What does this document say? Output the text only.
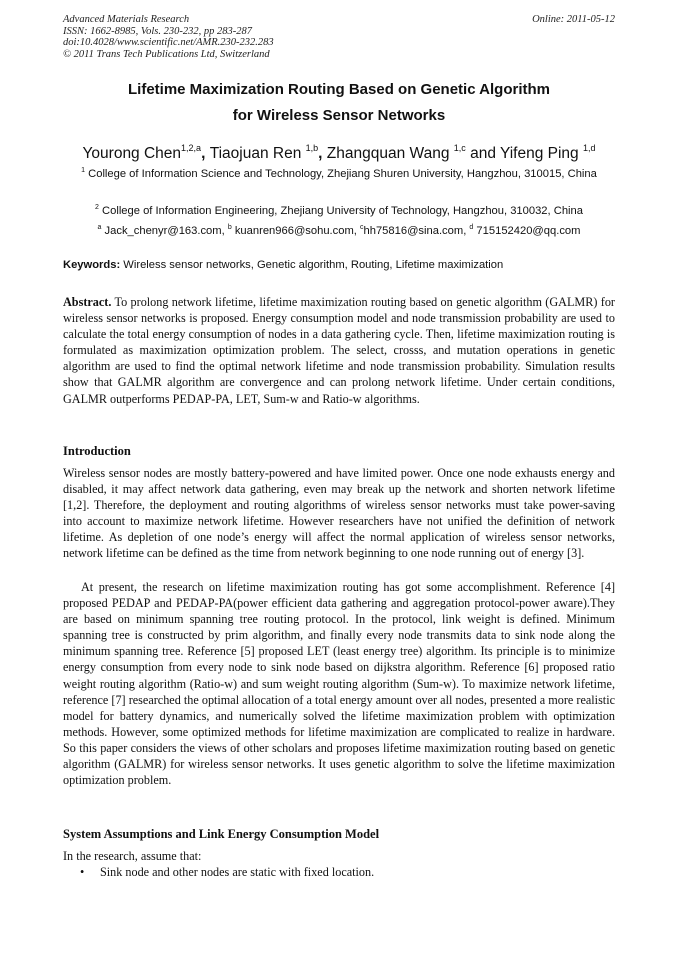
Advanced Materials Research
ISSN: 1662-8985, Vols. 230-232, pp 283-287
doi:10.4028/www.scientific.net/AMR.230-232.283
© 2011 Trans Tech Publications Ltd, Switzerland
Online: 2011-05-12
Lifetime Maximization Routing Based on Genetic Algorithm
for Wireless Sensor Networks
Yourong Chen$^{1,2,a}$, Tiaojuan Ren $^{1,b}$, Zhangquan Wang $^{1,c}$ and Yifeng Ping $^{1,d}$
$^1$ College of Information Science and Technology, Zhejiang Shuren University, Hangzhou, 310015, China
$^2$ College of Information Engineering, Zhejiang University of Technology, Hangzhou, 310032, China
$^a$ Jack_chenyr@163.com, $^b$ kuanren966@sohu.com, $^c$hh75816@sina.com, $^d$ 715152420@qq.com
Keywords: Wireless sensor networks, Genetic algorithm, Routing, Lifetime maximization
Abstract. To prolong network lifetime, lifetime maximization routing based on genetic algorithm (GALMR) for wireless sensor networks is proposed. Energy consumption model and node transmission probability are used to calculate the total energy consumption of nodes in a data gathering cycle. Then, lifetime maximization routing is formulated as maximization optimization problem. The select, crosss, and mutation operations in genetic algorithm are used to find the optimal network lifetime and node transmission probability. Simulation results show that GALMR algorithm are convergence and can prolong network lifetime. Under certain conditions, GALMR outperforms PEDAP-PA, LET, Sum-w and Ratio-w algorithms.
Introduction
Wireless sensor nodes are mostly battery-powered and have limited power. Once one node exhausts energy and disabled, it may affect network data gathering, even may break up the network and shorten network lifetime [1,2]. Therefore, the deployment and routing algorithms of wireless sensor networks must take power-saving into account to maximize network lifetime. However researchers have not unified the definition of network lifetime. As depletion of one node’s energy will affect the normal application of wireless sensor networks, network lifetime can be defined as the time from network beginning to one node running out of energy [3].
At present, the research on lifetime maximization routing has got some accomplishment. Reference [4] proposed PEDAP and PEDAP-PA(power efficient data gathering and aggregation protocol-power aware).They are based on minimum spanning tree routing protocol. In the protocol, link weight is defined. Minimum spanning tree is constructed by prim algorithm, and finally every node transmits data to sink node along the minimum spanning tree. Reference [5] proposed LET (least energy tree) algorithm. Its principle is to minimize energy consumption from every node to sink node based on dijkstra algorithm. Reference [6] proposed ratio weight routing algorithm (Ratio-w) and sum weight routing algorithm (Sum-w). To maximize network lifetime, reference [7] researched the optimal allocation of a total energy amount over all nodes, presented a more realistic model for battery dynamics, and numerically solved the lifetime maximization problem with optimization methods. However, some optimized methods for lifetime maximization are complicated to realize in hardware. So this paper considers the views of other scholars and proposes lifetime maximization routing based on genetic algorithm (GALMR) for wireless sensor networks. It uses genetic algorithm to solve the lifetime maximization optimization problem.
System Assumptions and Link Energy Consumption Model
In the research, assume that:
• Sink node and other nodes are static with fixed location.
